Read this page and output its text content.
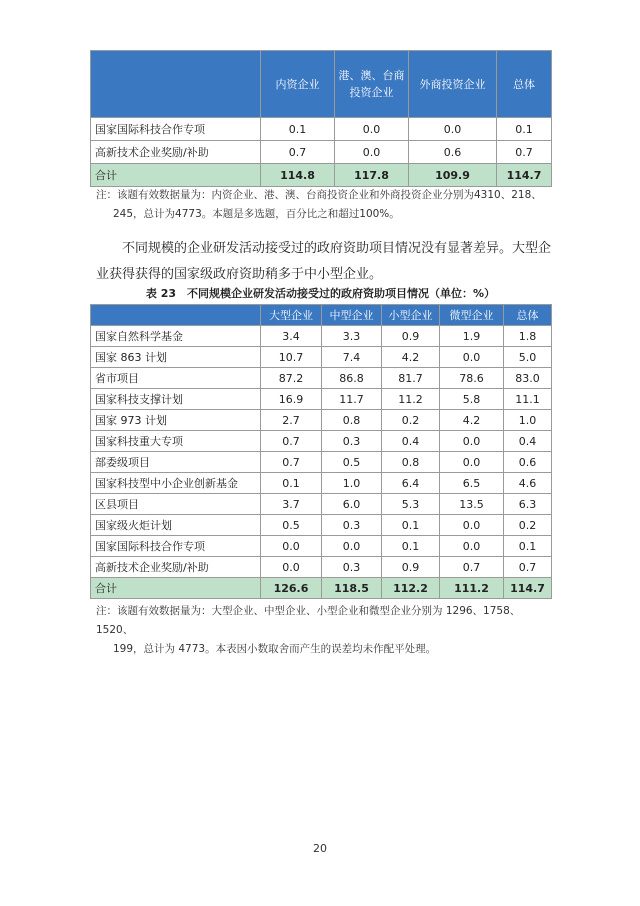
	内资企业	港、澳、台商投资企业	外商投资企业	总体
国家国际科技合作专项	0.1	0.0	0.0	0.1
高新技术企业奖励/补助	0.7	0.0	0.6	0.7
合计	114.8	117.8	109.9	114.7
注：该题有效数据量为：内资企业、港、澳、台商投资企业和外商投资企业分别为4310、218、
245，总计为4773。本题是多选题，百分比之和超过100%。
不同规模的企业研发活动接受过的政府资助项目情况没有显著差异。大型企
业获得获得的国家级政府资助稍多于中小型企业。
表 23　不同规模企业研发活动接受过的政府资助项目情况（单位：%）
	大型企业	中型企业	小型企业	微型企业	总体
国家自然科学基金	3.4	3.3	0.9	1.9	1.8
国家 863 计划	10.7	7.4	4.2	0.0	5.0
省市项目	87.2	86.8	81.7	78.6	83.0
国家科技支撑计划	16.9	11.7	11.2	5.8	11.1
国家 973 计划	2.7	0.8	0.2	4.2	1.0
国家科技重大专项	0.7	0.3	0.4	0.0	0.4
部委级项目	0.7	0.5	0.8	0.0	0.6
国家科技型中小企业创新基金	0.1	1.0	6.4	6.5	4.6
区县项目	3.7	6.0	5.3	13.5	6.3
国家级火炬计划	0.5	0.3	0.1	0.0	0.2
国家国际科技合作专项	0.0	0.0	0.1	0.0	0.1
高新技术企业奖励/补助	0.0	0.3	0.9	0.7	0.7
合计	126.6	118.5	112.2	111.2	114.7
注：该题有效数据量为：大型企业、中型企业、小型企业和微型企业分别为 1296、1758、1520、
199，总计为 4773。本表因小数取舍而产生的误差均未作配平处理。
20
